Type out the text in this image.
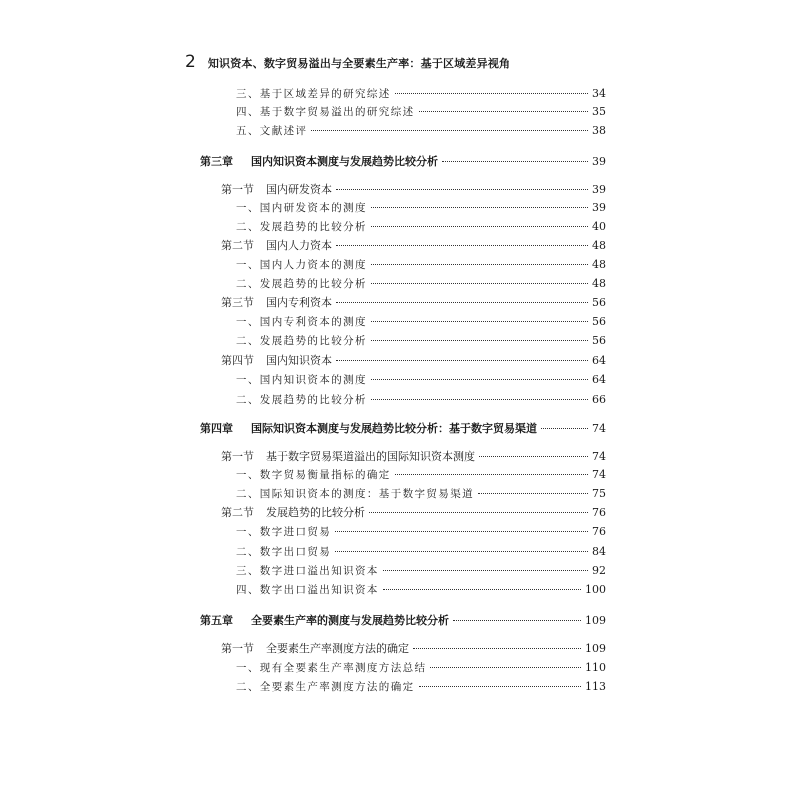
2 知识资本、数字贸易溢出与全要素生产率：基于区域差异视角
三、基于区域差异的研究综述	34
四、基于数字贸易溢出的研究综述	35
五、文献述评	38
第三章 国内知识资本测度与发展趋势比较分析	39
第一节 国内研发资本	39
一、国内研发资本的测度	39
二、发展趋势的比较分析	40
第二节 国内人力资本	48
一、国内人力资本的测度	48
二、发展趋势的比较分析	48
第三节 国内专利资本	56
一、国内专利资本的测度	56
二、发展趋势的比较分析	56
第四节 国内知识资本	64
一、国内知识资本的测度	64
二、发展趋势的比较分析	66
第四章 国际知识资本测度与发展趋势比较分析：基于数字贸易渠道	74
第一节 基于数字贸易渠道溢出的国际知识资本测度	74
一、数字贸易衡量指标的确定	74
二、国际知识资本的测度：基于数字贸易渠道	75
第二节 发展趋势的比较分析	76
一、数字进口贸易	76
二、数字出口贸易	84
三、数字进口溢出知识资本	92
四、数字出口溢出知识资本	100
第五章 全要素生产率的测度与发展趋势比较分析	109
第一节 全要素生产率测度方法的确定	109
一、现有全要素生产率测度方法总结	110
二、全要素生产率测度方法的确定	113
